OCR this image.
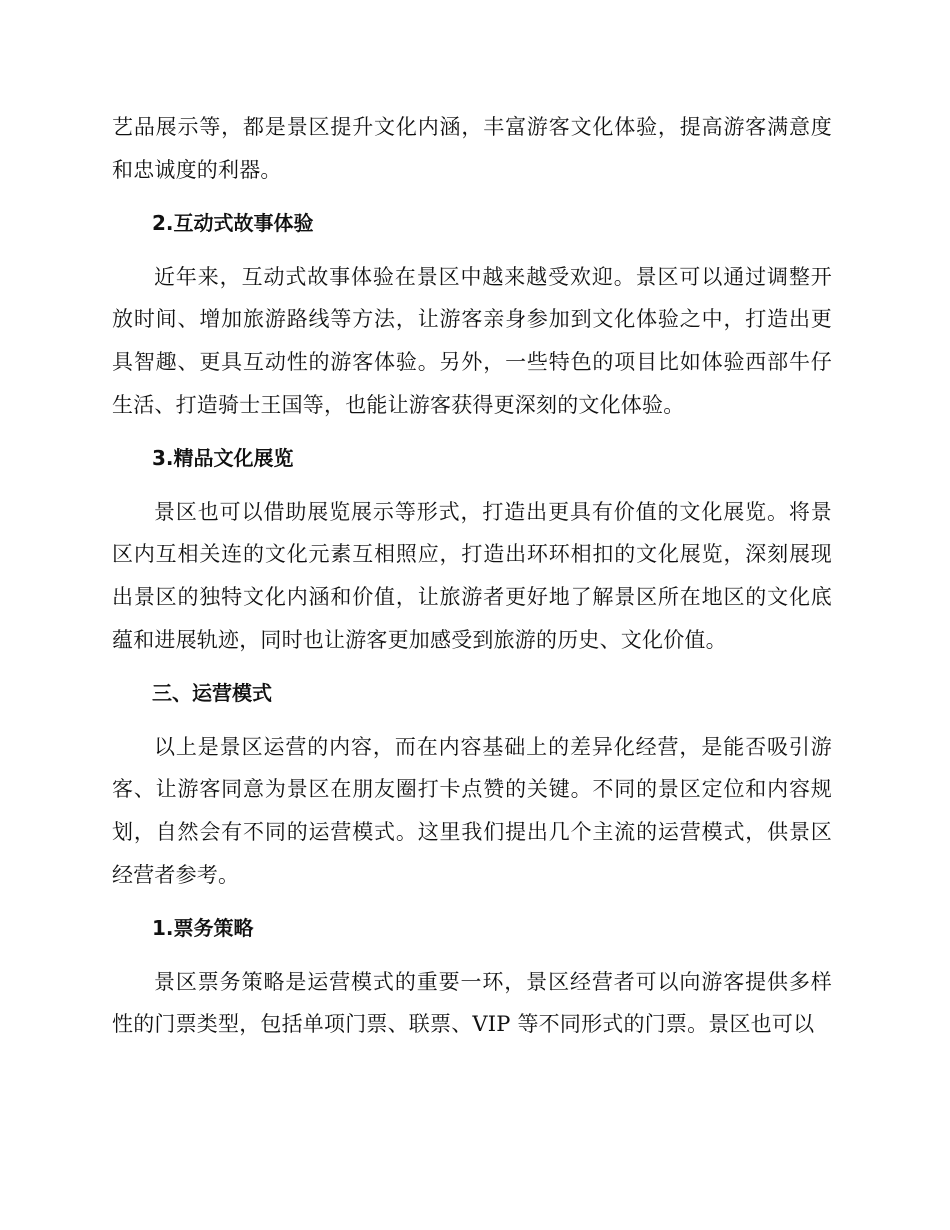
艺品展示等，都是景区提升文化内涵，丰富游客文化体验，提高游客满意度和忠诚度的利器。

2.互动式故事体验

近年来，互动式故事体验在景区中越来越受欢迎。景区可以通过调整开放时间、增加旅游路线等方法，让游客亲身参加到文化体验之中，打造出更具智趣、更具互动性的游客体验。另外，一些特色的项目比如体验西部牛仔生活、打造骑士王国等，也能让游客获得更深刻的文化体验。

3.精品文化展览

景区也可以借助展览展示等形式，打造出更具有价值的文化展览。将景区内互相关连的文化元素互相照应，打造出环环相扣的文化展览，深刻展现出景区的独特文化内涵和价值，让旅游者更好地了解景区所在地区的文化底蕴和进展轨迹，同时也让游客更加感受到旅游的历史、文化价值。

三、运营模式

以上是景区运营的内容，而在内容基础上的差异化经营，是能否吸引游客、让游客同意为景区在朋友圈打卡点赞的关键。不同的景区定位和内容规划，自然会有不同的运营模式。这里我们提出几个主流的运营模式，供景区经营者参考。

1.票务策略

景区票务策略是运营模式的重要一环，景区经营者可以向游客提供多样性的门票类型，包括单项门票、联票、VIP 等不同形式的门票。景区也可以
